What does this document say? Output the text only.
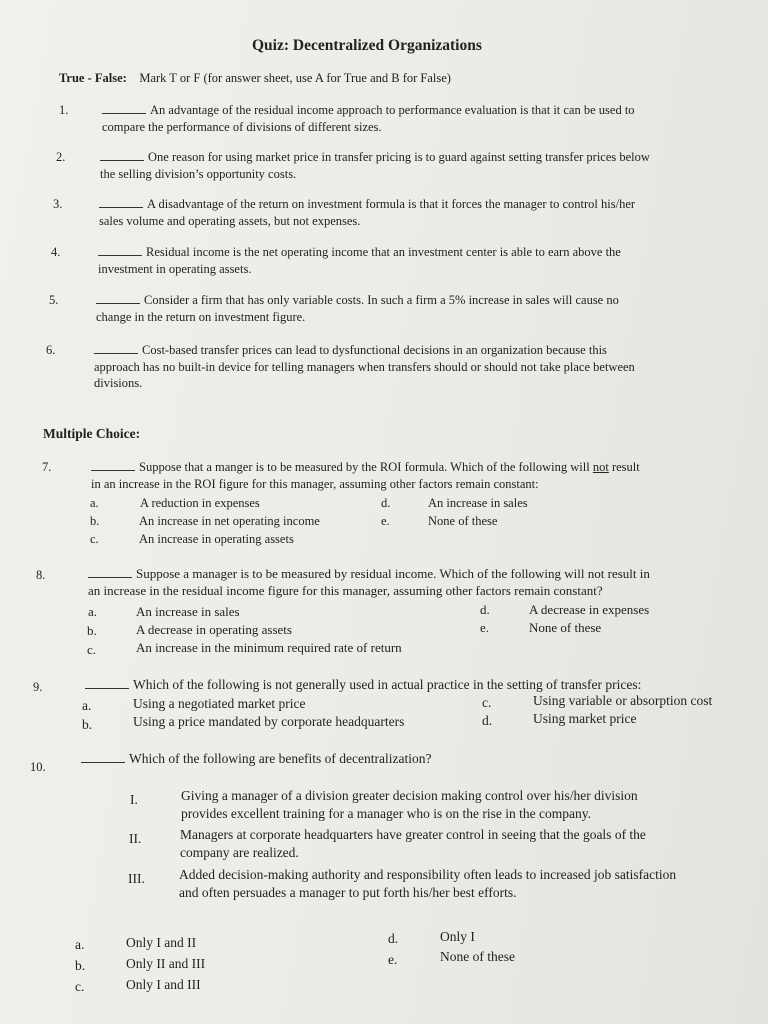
Quiz: Decentralized Organizations
True - False: Mark T or F (for answer sheet, use A for True and B for False)
1.	An advantage of the residual income approach to performance evaluation is that it can be used to
compare the performance of divisions of different sizes.
2.	One reason for using market price in transfer pricing is to guard against setting transfer prices below
the selling division’s opportunity costs.
3.	A disadvantage of the return on investment formula is that it forces the manager to control his/her
sales volume and operating assets, but not expenses.
4.	Residual income is the net operating income that an investment center is able to earn above the
investment in operating assets.
5.	Consider a firm that has only variable costs. In such a firm a 5% increase in sales will cause no
change in the return on investment figure.
6.	Cost-based transfer prices can lead to dysfunctional decisions in an organization because this
approach has no built-in device for telling managers when transfers should or should not take place between
divisions.
Multiple Choice:
7.	Suppose that a manger is to be measured by the ROI formula. Which of the following will not result
in an increase in the ROI figure for this manager, assuming other factors remain constant:
a.	A reduction in expenses
b.	An increase in net operating income
c.	An increase in operating assets
d.	An increase in sales
e.	None of these
8.	Suppose a manager is to be measured by residual income. Which of the following will not result in
an increase in the residual income figure for this manager, assuming other factors remain constant?
a.	An increase in sales
b.	A decrease in operating assets
c.	An increase in the minimum required rate of return
d.	A decrease in expenses
e.	None of these
9.	Which of the following is not generally used in actual practice in the setting of transfer prices:
a.	Using a negotiated market price
b.	Using a price mandated by corporate headquarters
c.	Using variable or absorption cost
d.	Using market price
10.
Which of the following are benefits of decentralization?
I.	Giving a manager of a division greater decision making control over his/her division
provides excellent training for a manager who is on the rise in the company.
II.	Managers at corporate headquarters have greater control in seeing that the goals of the
company are realized.
III.	Added decision-making authority and responsibility often leads to increased job satisfaction
and often persuades a manager to put forth his/her best efforts.
a.	Only I and II
b.	Only II and III
c.	Only I and III
d.	Only I
e.	None of these
